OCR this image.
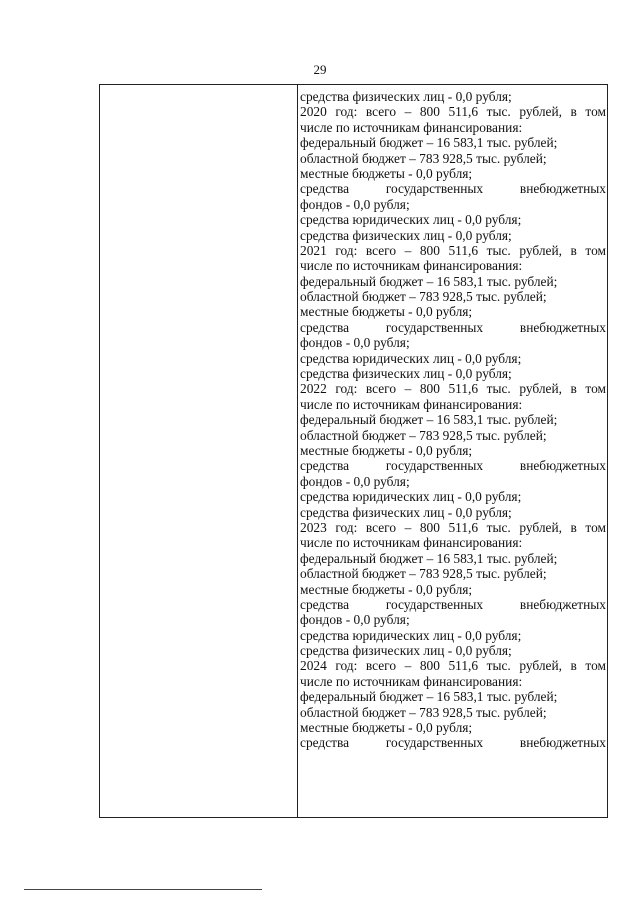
29
средства физических лиц - 0,0 рубля;
2020 год: всего – 800 511,6 тыс. рублей, в том
числе по источникам финансирования:
федеральный бюджет – 16 583,1 тыс. рублей;
областной бюджет – 783 928,5 тыс. рублей;
местные бюджеты - 0,0 рубля;
средства государственных внебюджетных
фондов - 0,0 рубля;
средства юридических лиц - 0,0 рубля;
средства физических лиц - 0,0 рубля;
2021 год: всего – 800 511,6 тыс. рублей, в том
числе по источникам финансирования:
федеральный бюджет – 16 583,1 тыс. рублей;
областной бюджет – 783 928,5 тыс. рублей;
местные бюджеты - 0,0 рубля;
средства государственных внебюджетных
фондов - 0,0 рубля;
средства юридических лиц - 0,0 рубля;
средства физических лиц - 0,0 рубля;
2022 год: всего – 800 511,6 тыс. рублей, в том
числе по источникам финансирования:
федеральный бюджет – 16 583,1 тыс. рублей;
областной бюджет – 783 928,5 тыс. рублей;
местные бюджеты - 0,0 рубля;
средства государственных внебюджетных
фондов - 0,0 рубля;
средства юридических лиц - 0,0 рубля;
средства физических лиц - 0,0 рубля;
2023 год: всего – 800 511,6 тыс. рублей, в том
числе по источникам финансирования:
федеральный бюджет – 16 583,1 тыс. рублей;
областной бюджет – 783 928,5 тыс. рублей;
местные бюджеты - 0,0 рубля;
средства государственных внебюджетных
фондов - 0,0 рубля;
средства юридических лиц - 0,0 рубля;
средства физических лиц - 0,0 рубля;
2024 год: всего – 800 511,6 тыс. рублей, в том
числе по источникам финансирования:
федеральный бюджет – 16 583,1 тыс. рублей;
областной бюджет – 783 928,5 тыс. рублей;
местные бюджеты - 0,0 рубля;
средства государственных внебюджетных
